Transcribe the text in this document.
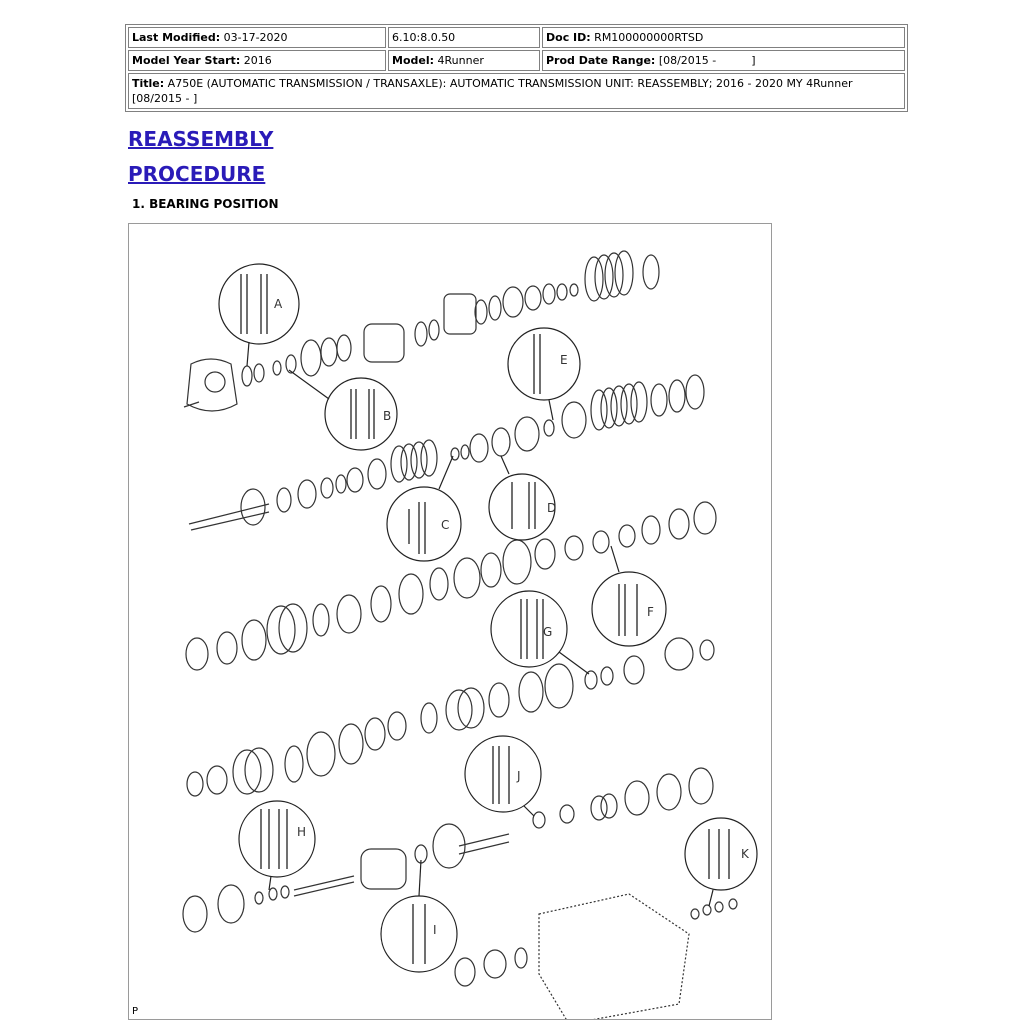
Last Modified: 03-17-2020	6.10:8.0.50	Doc ID: RM100000000RTSD
Model Year Start: 2016	Model: 4Runner	Prod Date Range: [08/2015 -          ]
Title: A750E (AUTOMATIC TRANSMISSION / TRANSAXLE): AUTOMATIC TRANSMISSION UNIT: REASSEMBLY; 2016 - 2020 MY 4Runner [08/2015 - ]		
REASSEMBLY
PROCEDURE

1. BEARING POSITION

A
B
C
D
E
F
G
H
I
J
K
P
